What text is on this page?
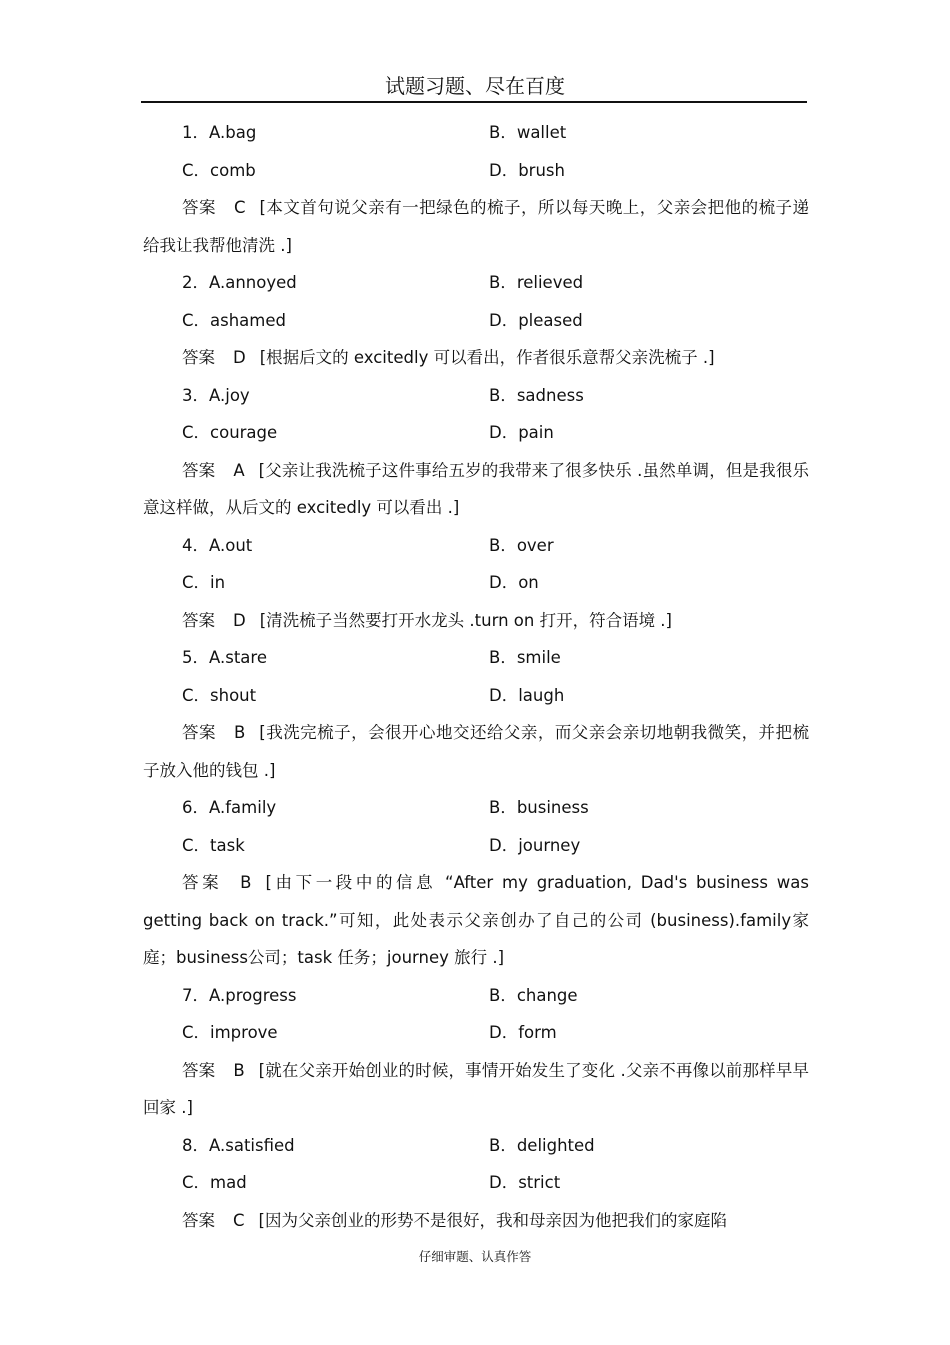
试题习题、尽在百度
1．A.bag	B．wallet
C．comb	D．brush

答案 C [本文首句说父亲有一把绿色的梳子，所以每天晚上，父亲会把他的梳子递给我让我帮他清洗 .]

2．A.annoyed	B．relieved
C．ashamed	D．pleased

答案 D [根据后文的 excitedly 可以看出，作者很乐意帮父亲洗梳子 .]

3．A.joy	B．sadness
C．courage	D．pain

答案 A [父亲让我洗梳子这件事给五岁的我带来了很多快乐 .虽然单调，但是我很乐意这样做，从后文的 excitedly 可以看出 .]

4．A.out	B．over
C．in	D．on

答案 D [清洗梳子当然要打开水龙头 .turn on 打开，符合语境 .]

5．A.stare	B．smile
C．shout	D．laugh

答案 B [我洗完梳子，会很开心地交还给父亲，而父亲会亲切地朝我微笑，并把梳子放入他的钱包 .]

6．A.family	B．business
C．task	D．journey

答案 B [由下一段中的信息 “After my graduation, Dad's business was getting back on track.”可知，此处表示父亲创办了自己的公司 (business).family家庭；business公司；task 任务；journey 旅行 .]

7．A.progress	B．change
C．improve	D．form

答案 B [就在父亲开始创业的时候，事情开始发生了变化 .父亲不再像以前那样早早回家 .]

8．A.satisfied	B．delighted
C．mad	D．strict

答案 C [因为父亲创业的形势不是很好，我和母亲因为他把我们的家庭陷

仔细审题、认真作答
